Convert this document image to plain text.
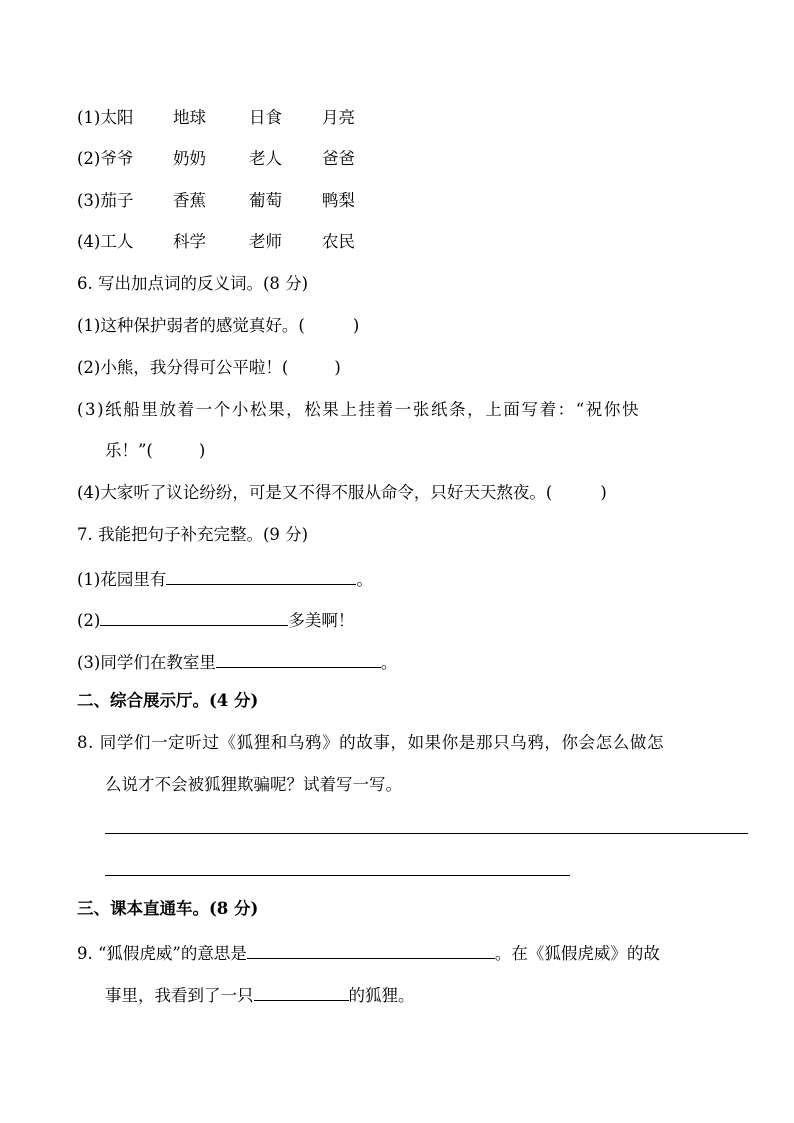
(1)太阳 地球	日食 月亮
(2)爷爷 奶奶	老人 爸爸
(3)茄子 香蕉	葡萄 鸭梨
(4)工人 科学	老师 农民
6. 写出加点词的反义词。(8 分)
(1)这种保护弱者的感觉真好。(	)
(2)小熊，我分得可公平啦！(	)
(3)纸船里放着一个小松果，松果上挂着一张纸条，上面写着：“祝你快
乐！”(	)
(4)大家听了议论纷纷，可是又不得不服从命令，只好天天熬夜。(	)
7. 我能把句子补充完整。(9 分)
(1)花园里有	。
(2)	多美啊！
(3)同学们在教室里	。
二、综合展示厅。(4 分)
8. 同学们一定听过《狐狸和乌鸦》的故事，如果你是那只乌鸦，你会怎么做怎
么说才不会被狐狸欺骗呢？试着写一写。
三、课本直通车。(8 分)
9. “狐假虎威”的意思是	。在《狐假虎威》的故
事里，我看到了一只	的狐狸。
